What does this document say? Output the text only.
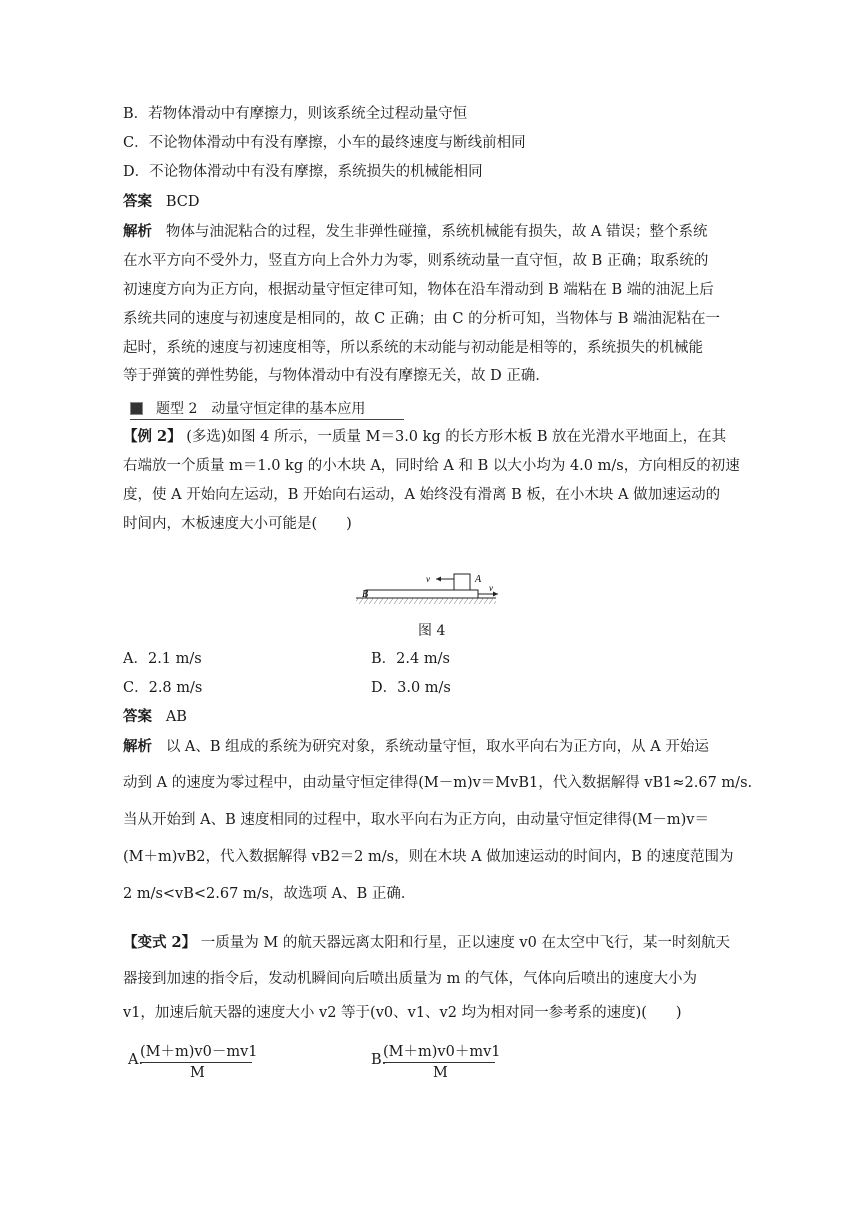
B．若物体滑动中有摩擦力，则该系统全过程动量守恒
C．不论物体滑动中有没有摩擦，小车的最终速度与断线前相同
D．不论物体滑动中有没有摩擦，系统损失的机械能相同
答案 BCD
解析 物体与油泥粘合的过程，发生非弹性碰撞，系统机械能有损失，故 A 错误；整个系统
在水平方向不受外力，竖直方向上合外力为零，则系统动量一直守恒，故 B 正确；取系统的
初速度方向为正方向，根据动量守恒定律可知，物体在沿车滑动到 B 端粘在 B 端的油泥上后
系统共同的速度与初速度是相同的，故 C 正确；由 C 的分析可知，当物体与 B 端油泥粘在一
起时，系统的速度与初速度相等，所以系统的末动能与初动能是相等的，系统损失的机械能
等于弹簧的弹性势能，与物体滑动中有没有摩擦无关，故 D 正确．
题型 2　动量守恒定律的基本应用
【例 2】 (多选)如图 4 所示，一质量 M＝3.0 kg 的长方形木板 B 放在光滑水平地面上，在其
右端放一个质量 m＝1.0 kg 的小木块 A，同时给 A 和 B 以大小均为 4.0 m/s，方向相反的初速
度，使 A 开始向左运动，B 开始向右运动，A 始终没有滑离 B 板，在小木块 A 做加速运动的
时间内，木板速度大小可能是(　　)
v	A
v
B
图 4
A．2.1 m/s	B．2.4 m/s
C．2.8 m/s	D．3.0 m/s
答案 AB
解析 以 A、B 组成的系统为研究对象，系统动量守恒，取水平向右为正方向，从 A 开始运
动到 A 的速度为零过程中，由动量守恒定律得(M－m)v＝MvB1，代入数据解得 vB1≈2.67 m/s.
当从开始到 A、B 速度相同的过程中，取水平向右为正方向，由动量守恒定律得(M－m)v＝
(M＋m)vB2，代入数据解得 vB2＝2 m/s，则在木块 A 做加速运动的时间内，B 的速度范围为
2 m/s<vB<2.67 m/s，故选项 A、B 正确．
【变式 2】 一质量为 M 的航天器远离太阳和行星，正以速度 v0 在太空中飞行，某一时刻航天
器接到加速的指令后，发动机瞬间向后喷出质量为 m 的气体，气体向后喷出的速度大小为
v1，加速后航天器的速度大小 v2 等于(v0、v1、v2 均为相对同一参考系的速度)(　　)
A.
(M＋m)v0－mv1
M
B.
(M＋m)v0＋mv1
M
